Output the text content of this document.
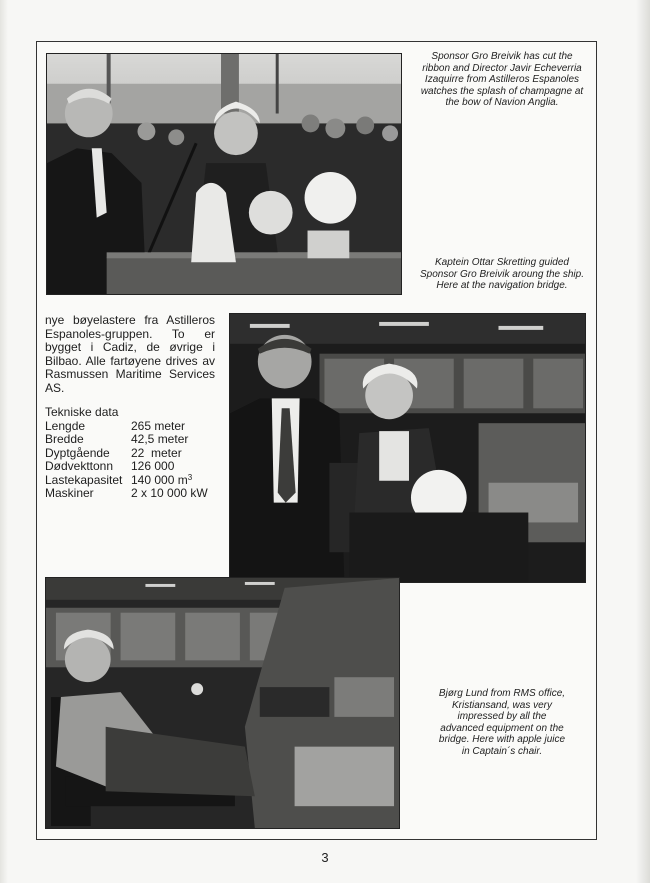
Sponsor Gro Breivik has cut the
ribbon and Director Javir Echeverria
Izaquirre from Astilleros Espanoles
watches the splash of champagne at
the bow of Navion Anglia.
Kaptein Ottar Skretting guided
Sponsor Gro Breivik aroung the ship.
Here at the navigation bridge.
Bjørg Lund from RMS office,
Kristiansand, was very
impressed by all the
advanced equipment on the
bridge. Here with apple juice
in Captain´s chair.

nye bøyelastere fra Astilleros Espanoles-gruppen. To er bygget i Cadiz, de øvrige i Bilbao. Alle fartøyene drives av Rasmussen Maritime Services AS.

Tekniske data
Lengde	265 meter
Bredde	42,5 meter
Dyptgående	22  meter
Dødvekttonn	126 000
Lastekapasitet 140 000 $m^3$
Maskiner	2 x 10 000 kW
3
